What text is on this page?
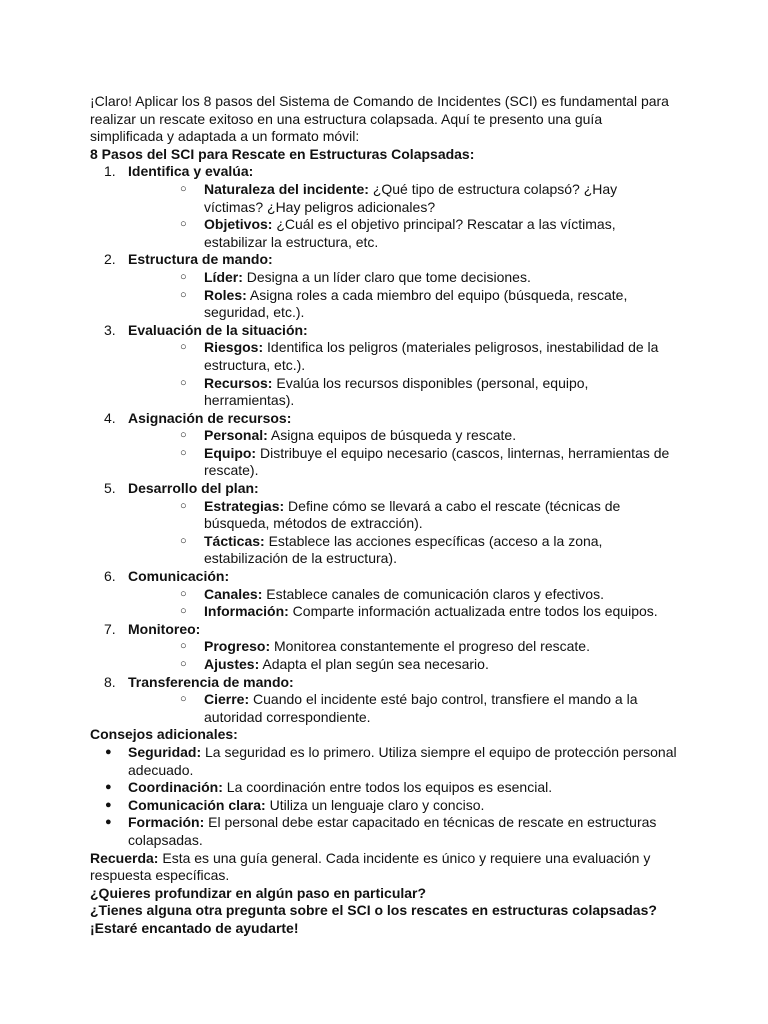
¡Claro! Aplicar los 8 pasos del Sistema de Comando de Incidentes (SCI) es fundamental para realizar un rescate exitoso en una estructura colapsada. Aquí te presento una guía simplificada y adaptada a un formato móvil:

8 Pasos del SCI para Rescate en Estructuras Colapsadas:

1. Identifica y evalúa:
○ Naturaleza del incidente: ¿Qué tipo de estructura colapsó? ¿Hay víctimas? ¿Hay peligros adicionales?
○ Objetivos: ¿Cuál es el objetivo principal? Rescatar a las víctimas, estabilizar la estructura, etc.
2. Estructura de mando:
○ Líder: Designa a un líder claro que tome decisiones.
○ Roles: Asigna roles a cada miembro del equipo (búsqueda, rescate, seguridad, etc.).
3. Evaluación de la situación:
○ Riesgos: Identifica los peligros (materiales peligrosos, inestabilidad de la estructura, etc.).
○ Recursos: Evalúa los recursos disponibles (personal, equipo, herramientas).
4. Asignación de recursos:
○ Personal: Asigna equipos de búsqueda y rescate.
○ Equipo: Distribuye el equipo necesario (cascos, linternas, herramientas de rescate).
5. Desarrollo del plan:
○ Estrategias: Define cómo se llevará a cabo el rescate (técnicas de búsqueda, métodos de extracción).
○ Tácticas: Establece las acciones específicas (acceso a la zona, estabilización de la estructura).
6. Comunicación:
○ Canales: Establece canales de comunicación claros y efectivos.
○ Información: Comparte información actualizada entre todos los equipos.
7. Monitoreo:
○ Progreso: Monitorea constantemente el progreso del rescate.
○ Ajustes: Adapta el plan según sea necesario.
8. Transferencia de mando:
○ Cierre: Cuando el incidente esté bajo control, transfiere el mando a la autoridad correspondiente.

Consejos adicionales:

● Seguridad: La seguridad es lo primero. Utiliza siempre el equipo de protección personal adecuado.
● Coordinación: La coordinación entre todos los equipos es esencial.
● Comunicación clara: Utiliza un lenguaje claro y conciso.
● Formación: El personal debe estar capacitado en técnicas de rescate en estructuras colapsadas.

Recuerda: Esta es una guía general. Cada incidente es único y requiere una evaluación y respuesta específicas.

¿Quieres profundizar en algún paso en particular?

¿Tienes alguna otra pregunta sobre el SCI o los rescates en estructuras colapsadas?

¡Estaré encantado de ayudarte!
